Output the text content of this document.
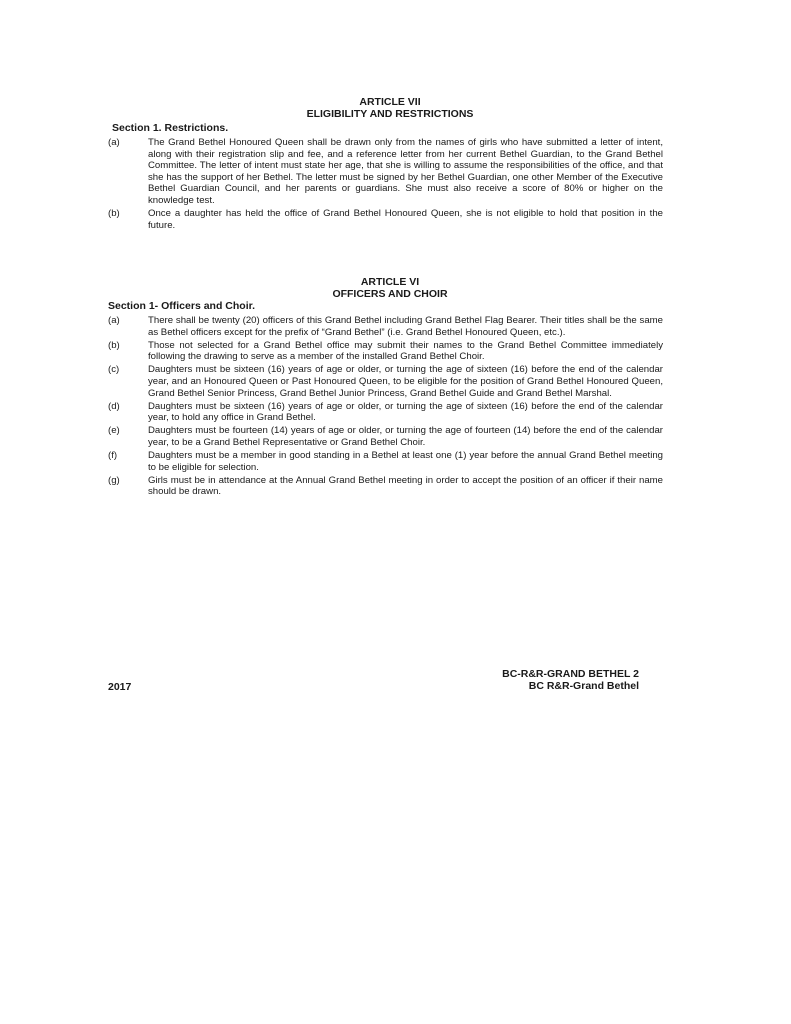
ARTICLE VII
ELIGIBILITY AND RESTRICTIONS
Section 1. Restrictions.
(a)	The Grand Bethel Honoured Queen shall be drawn only from the names of girls who have submitted a letter of intent, along with their registration slip and fee, and a reference letter from her current Bethel Guardian, to the Grand Bethel Committee. The letter of intent must state her age, that she is willing to assume the responsibilities of the office, and that she has the support of her Bethel. The letter must be signed by her Bethel Guardian, one other Member of the Executive Bethel Guardian Council, and her parents or guardians. She must also receive a score of 80% or higher on the knowledge test.
(b)	Once a daughter has held the office of Grand Bethel Honoured Queen, she is not eligible to hold that position in the future.
ARTICLE VI
OFFICERS AND CHOIR
Section 1- Officers and Choir.
(a)	There shall be twenty (20) officers of this Grand Bethel including Grand Bethel Flag Bearer. Their titles shall be the same as Bethel officers except for the prefix of “Grand Bethel” (i.e. Grand Bethel Honoured Queen, etc.).
(b)	Those not selected for a Grand Bethel office may submit their names to the Grand Bethel Committee immediately following the drawing to serve as a member of the installed Grand Bethel Choir.
(c)	Daughters must be sixteen (16) years of age or older, or turning the age of sixteen (16) before the end of the calendar year, and an Honoured Queen or Past Honoured Queen, to be eligible for the position of Grand Bethel Honoured Queen, Grand Bethel Senior Princess, Grand Bethel Junior Princess, Grand Bethel Guide and Grand Bethel Marshal.
(d)	Daughters must be sixteen (16) years of age or older, or turning the age of sixteen (16) before the end of the calendar year, to hold any office in Grand Bethel.
(e)	Daughters must be fourteen (14) years of age or older, or turning the age of fourteen (14) before the end of the calendar year, to be a Grand Bethel Representative or Grand Bethel Choir.
(f)	Daughters must be a member in good standing in a Bethel at least one (1) year before the annual Grand Bethel meeting to be eligible for selection.
(g)	Girls must be in attendance at the Annual Grand Bethel meeting in order to accept the position of an officer if their name should be drawn.
BC-R&R-GRAND BETHEL 2
BC R&R-Grand Bethel
2017
